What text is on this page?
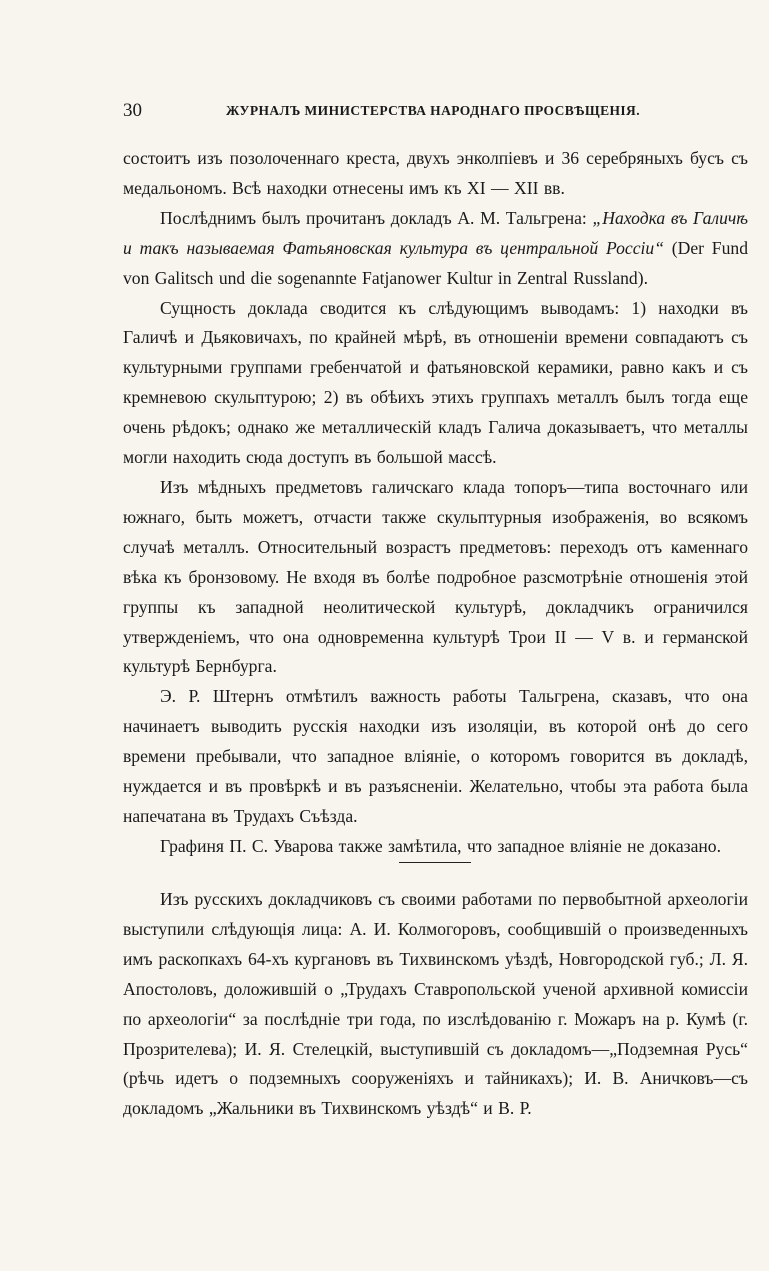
30	ЖУРНАЛЪ МИНИСТЕРСТВА НАРОДНАГО ПРОСВѢЩЕНІЯ.

состоитъ изъ позолоченнаго креста, двухъ энколпіевъ и 36 серебряныхъ бусъ съ медальономъ. Всѣ находки отнесены имъ къ XI — XII вв.

Послѣднимъ былъ прочитанъ докладъ А. М. Тальгрена: „Находка въ Галичѣ и такъ называемая Фатьяновская культура въ центральной Россіи“ (Der Fund von Galitsch und die sogenannte Fatjanower Kultur in Zentral Russland).

Сущность доклада сводится къ слѣдующимъ выводамъ: 1) находки въ Галичѣ и Дьяковичахъ, по крайней мѣрѣ, въ отношеніи времени совпадаютъ съ культурными группами гребенчатой и фатьяновской керамики, равно какъ и съ кремневою скульптурою; 2) въ обѣихъ этихъ группахъ металлъ былъ тогда еще очень рѣдокъ; однако же металлическій кладъ Галича доказываетъ, что металлы могли находить сюда доступъ въ большой массѣ.

Изъ мѣдныхъ предметовъ галичскаго клада топоръ—типа восточнаго или южнаго, быть можетъ, отчасти также скульптурныя изображенія, во всякомъ случаѣ металлъ. Относительный возрастъ предметовъ: переходъ отъ каменнаго вѣка къ бронзовому. Не входя въ болѣе подробное разсмотрѣніе отношенія этой группы къ западной неолитической культурѣ, докладчикъ ограничился утвержденіемъ, что она одновременна культурѣ Трои II — V в. и германской культурѣ Бернбурга.

Э. Р. Штернъ отмѣтилъ важность работы Тальгрена, сказавъ, что она начинаетъ выводить русскія находки изъ изоляціи, въ которой онѣ до сего времени пребывали, что западное вліяніе, о которомъ говорится въ докладѣ, нуждается и въ провѣркѣ и въ разъясненіи. Желательно, чтобы эта работа была напечатана въ Трудахъ Съѣзда.

Графиня П. С. Уварова также замѣтила, что западное вліяніе не доказано.

Изъ русскихъ докладчиковъ съ своими работами по первобытной археологіи выступили слѣдующія лица: А. И. Колмогоровъ, сообщившій о произведенныхъ имъ раскопкахъ 64-хъ кургановъ въ Тихвинскомъ уѣздѣ, Новгородской губ.; Л. Я. Апостоловъ, доложившій о „Трудахъ Ставропольской ученой архивной комиссіи по археологіи“ за послѣдніе три года, по изслѣдованію г. Можаръ на р. Кумѣ (г. Прозрителева); И. Я. Стелецкій, выступившій съ докладомъ—„Подземная Русь“ (рѣчь идетъ о подземныхъ сооруженіяхъ и тайникахъ); И. В. Аничковъ—съ докладомъ „Жальники въ Тихвинскомъ уѣздѣ“ и В. Р.
